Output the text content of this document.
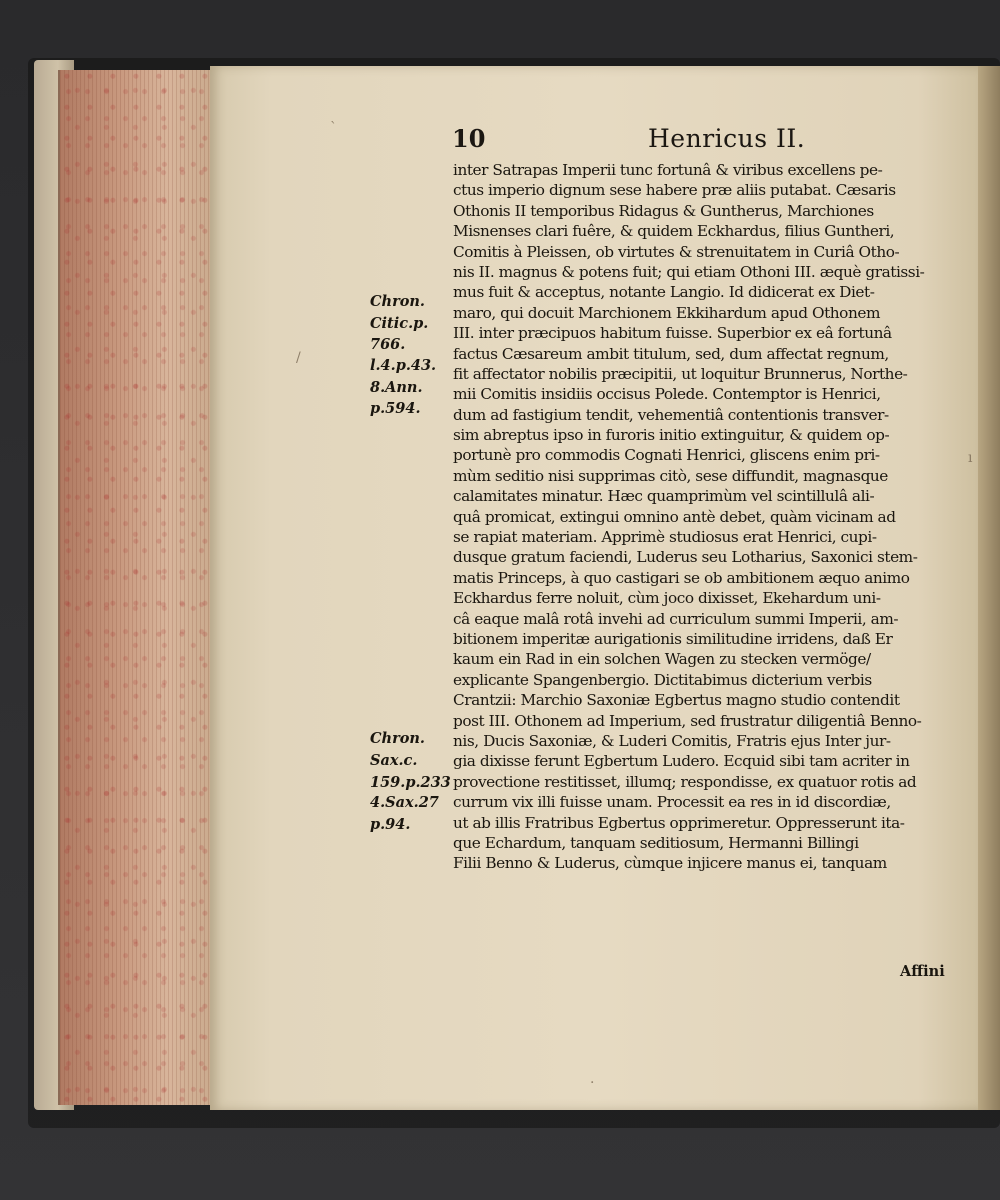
10	Henricus II.
Chron.
Citic.p.
766.
l.4.p.43.
8.Ann.
p.594.
Chron.
Sax.c.
159.p.233
4.Sax.27
p.94.
inter Satrapas Imperii tunc fortunâ & viribus excellens pe-
ctus imperio dignum sese habere præ aliis putabat. Cæsaris
Othonis II temporibus Ridagus & Guntherus, Marchiones
Misnenses clari fuêre, & quidem Eckhardus, filius Guntheri,
Comitis à Pleissen, ob virtutes & strenuitatem in Curiâ Otho-
nis II. magnus & potens fuit; qui etiam Othoni III. æquè gratissi-
mus fuit & acceptus, notante Langio. Id didicerat ex Diet-
maro, qui docuit Marchionem Ekkihardum apud Othonem
III. inter præcipuos habitum fuisse. Superbior ex eâ fortunâ
factus Cæsareum ambit titulum, sed, dum affectat regnum,
fit affectator nobilis præcipitii, ut loquitur Brunnerus, Northe-
mii Comitis insidiis occisus Polede. Contemptor is Henrici,
dum ad fastigium tendit, vehementiâ contentionis transver-
sim abreptus ipso in furoris initio extinguitur, & quidem op-
portunè pro commodis Cognati Henrici, gliscens enim pri-
mùm seditio nisi supprimas citò, sese diffundit, magnasque
calamitates minatur. Hæc quamprimùm vel scintillulâ ali-
quâ promicat, extingui omnino antè debet, quàm vicinam ad
se rapiat materiam. Apprimè studiosus erat Henrici, cupi-
dusque gratum faciendi, Luderus seu Lotharius, Saxonici stem-
matis Princeps, à quo castigari se ob ambitionem æquo animo
Eckhardus ferre noluit, cùm joco dixisset, Ekehardum uni-
câ eaque malâ rotâ invehi ad curriculum summi Imperii, am-
bitionem imperitæ aurigationis similitudine irridens, daß Er
kaum ein Rad in ein solchen Wagen zu stecken vermöge/
explicante Spangenbergio. Dictitabimus dicterium verbis
Crantzii: Marchio Saxoniæ Egbertus magno studio contendit
post III. Othonem ad Imperium, sed frustratur diligentiâ Benno-
nis, Ducis Saxoniæ, & Luderi Comitis, Fratris ejus Inter jur-
gia dixisse ferunt Egbertum Ludero. Ecquid sibi tam acriter in
provectione restitisset, illumq; respondisse, ex quatuor rotis ad
currum vix illi fuisse unam. Processit ea res in id discordiæ,
ut ab illis Fratribus Egbertus opprimeretur. Oppresserunt ita-
que Echardum, tanquam seditiosum, Hermanni Billingi
Filii Benno & Luderus, cùmque injicere manus ei, tanquam
Affini
ˋ
/
ı
·
